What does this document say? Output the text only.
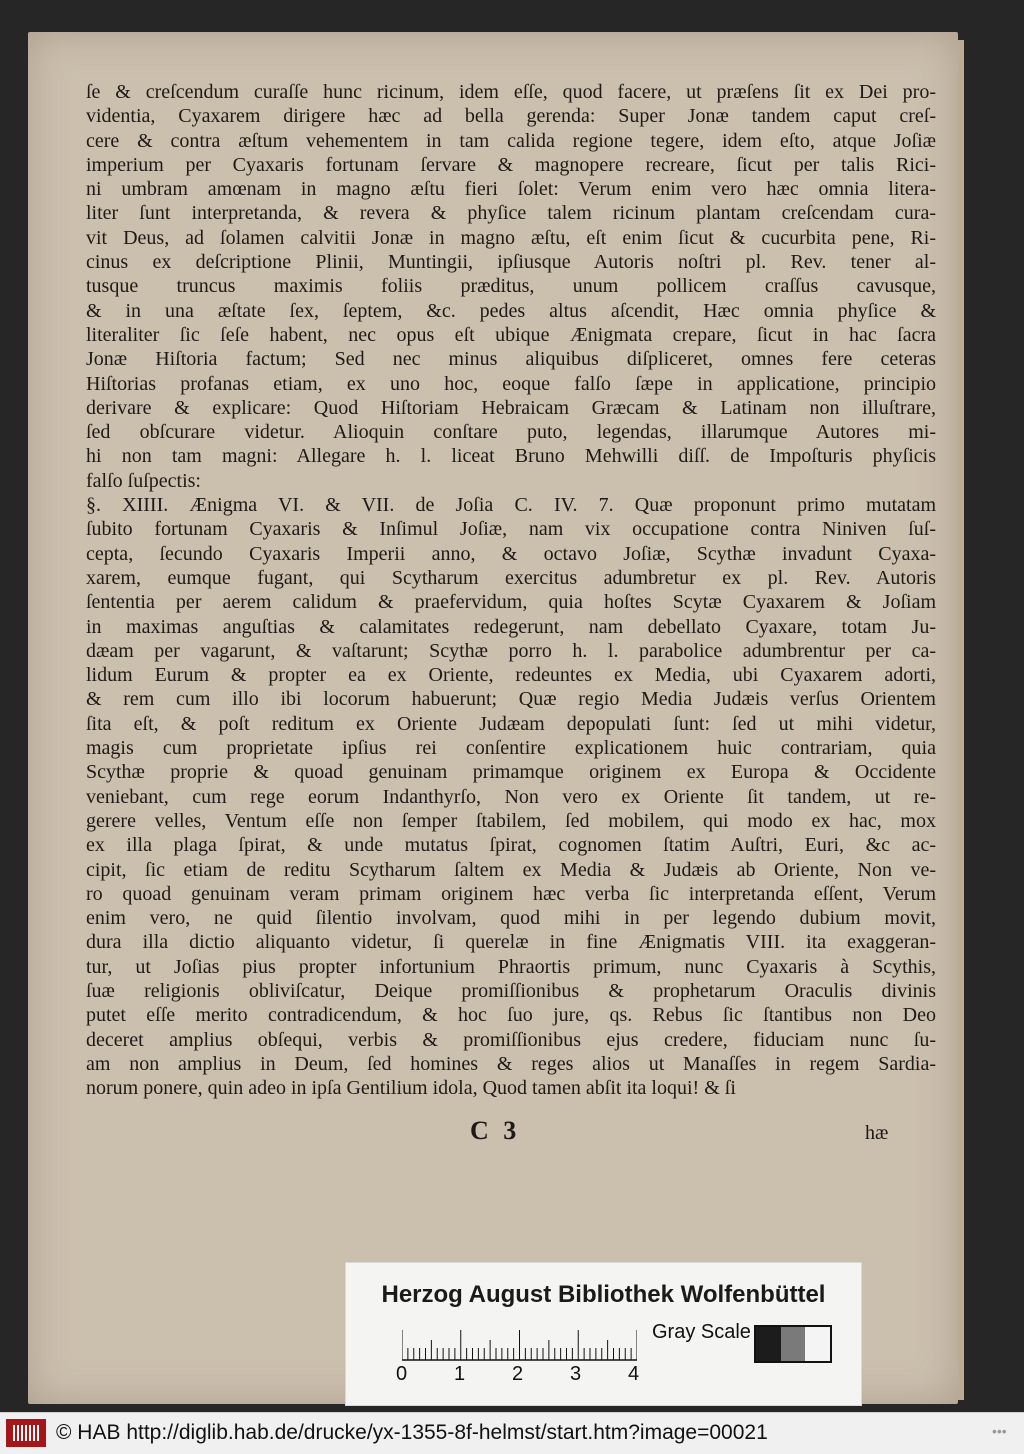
ſe & creſcendum curaſſe hunc ricinum, idem eſſe, quod facere, ut præſens ſit ex Dei pro-
videntia, Cyaxarem dirigere hæc ad bella gerenda: Super Jonæ tandem caput creſ-
cere & contra æſtum vehementem in tam calida regione tegere, idem eſto, atque Joſiæ
imperium per Cyaxaris fortunam ſervare & magnopere recreare, ſicut per talis Rici-
ni umbram amœnam in magno æſtu fieri ſolet: Verum enim vero hæc omnia litera-
liter ſunt interpretanda, & revera & phyſice talem ricinum plantam creſcendam cura-
vit Deus, ad ſolamen calvitii Jonæ in magno æſtu, eſt enim ſicut & cucurbita pene, Ri-
cinus ex deſcriptione Plinii, Muntingii, ipſiusque Autoris noſtri pl. Rev. tener al-
tusque truncus maximis foliis præditus, unum pollicem craſſus cavusque,
& in una æſtate ſex, ſeptem, &c. pedes altus aſcendit, Hæc omnia phyſice &
literaliter ſic ſeſe habent, nec opus eſt ubique Ænigmata crepare, ſicut in hac ſacra
Jonæ Hiſtoria factum; Sed nec minus aliquibus diſpliceret, omnes fere ceteras
Hiſtorias profanas etiam, ex uno hoc, eoque falſo ſæpe in applicatione, principio
derivare & explicare: Quod Hiſtoriam Hebraicam Græcam & Latinam non illuſtrare,
ſed obſcurare videtur. Alioquin conſtare puto, legendas, illarumque Autores mi-
hi non tam magni: Allegare h. l. liceat Bruno Mehwilli diſſ. de Impoſturis phyſicis
falſo ſuſpectis:
§. XIIII. Ænigma VI. & VII. de Joſia C. IV. 7. Quæ proponunt primo mutatam
ſubito fortunam Cyaxaris & Inſimul Joſiæ, nam vix occupatione contra Niniven ſuſ-
cepta, ſecundo Cyaxaris Imperii anno, & octavo Joſiæ, Scythæ invadunt Cyaxa-
xarem, eumque fugant, qui Scytharum exercitus adumbretur ex pl. Rev. Autoris
ſententia per aerem calidum & praefervidum, quia hoſtes Scytæ Cyaxarem & Joſiam
in maximas anguſtias & calamitates redegerunt, nam debellato Cyaxare, totam Ju-
dæam per vagarunt, & vaſtarunt; Scythæ porro h. l. parabolice adumbrentur per ca-
lidum Eurum & propter ea ex Oriente, redeuntes ex Media, ubi Cyaxarem adorti,
& rem cum illo ibi locorum habuerunt; Quæ regio Media Judæis verſus Orientem
ſita eſt, & poſt reditum ex Oriente Judæam depopulati ſunt: ſed ut mihi videtur,
magis cum proprietate ipſius rei conſentire explicationem huic contrariam, quia
Scythæ proprie & quoad genuinam primamque originem ex Europa & Occidente
veniebant, cum rege eorum Indanthyrſo, Non vero ex Oriente ſit tandem, ut re-
gerere velles, Ventum eſſe non ſemper ſtabilem, ſed mobilem, qui modo ex hac, mox
ex illa plaga ſpirat, & unde mutatus ſpirat, cognomen ſtatim Auſtri, Euri, &c ac-
cipit, ſic etiam de reditu Scytharum ſaltem ex Media & Judæis ab Oriente, Non ve-
ro quoad genuinam veram primam originem hæc verba ſic interpretanda eſſent, Verum
enim vero, ne quid ſilentio involvam, quod mihi in per legendo dubium movit,
dura illa dictio aliquanto videtur, ſi querelæ in fine Ænigmatis VIII. ita exaggeran-
tur, ut Joſias pius propter infortunium Phraortis primum, nunc Cyaxaris à Scythis,
ſuæ religionis obliviſcatur, Deique promiſſionibus & prophetarum Oraculis divinis
putet eſſe merito contradicendum, & hoc ſuo jure, qs. Rebus ſic ſtantibus non Deo
deceret amplius obſequi, verbis & promiſſionibus ejus credere, fiduciam nunc ſu-
am non amplius in Deum, ſed homines & reges alios ut Manaſſes in regem Sardia-
norum ponere, quin adeo in ipſa Gentilium idola, Quod tamen abſit ita loqui! & ſi
C 3	hæ
Herzog August Bibliothek Wolfenbüttel
0 1 2 3 4
Gray Scale
© HAB http://diglib.hab.de/drucke/yx-1355-8f-helmst/start.htm?image=00021	•••
